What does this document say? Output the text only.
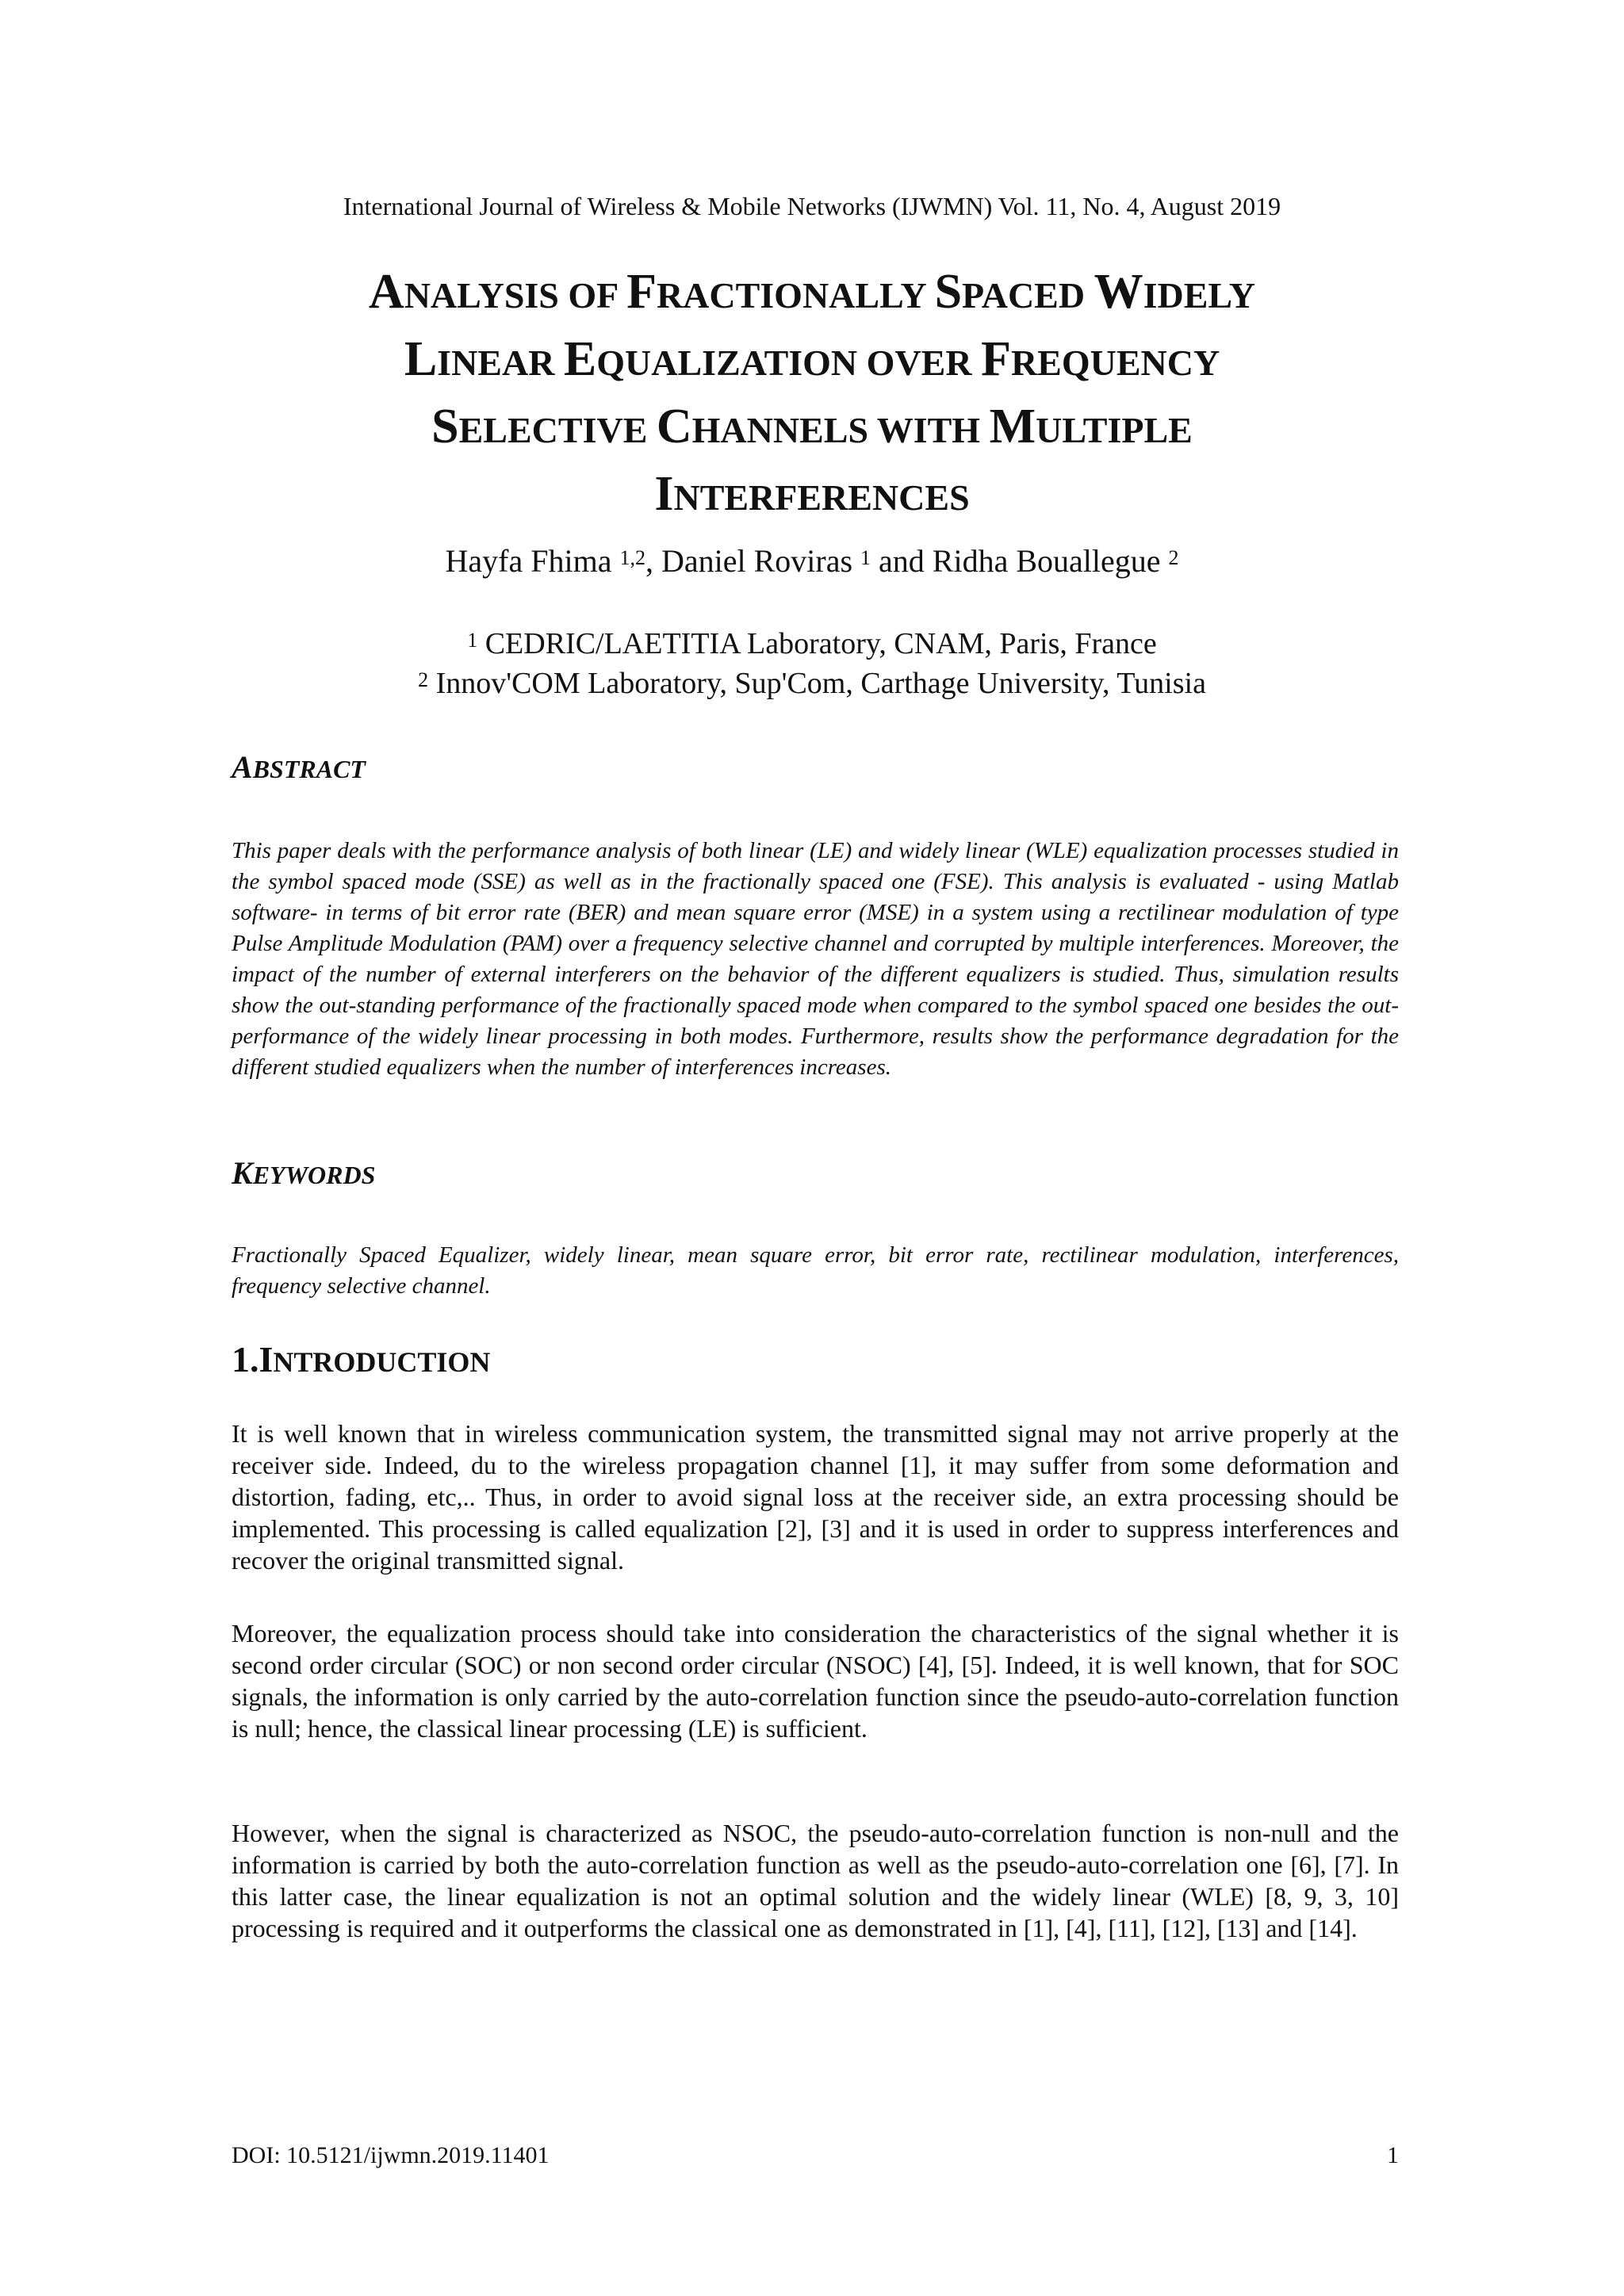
International Journal of Wireless & Mobile Networks (IJWMN) Vol. 11, No. 4, August 2019
ANALYSIS OF FRACTIONALLY SPACED WIDELY
LINEAR EQUALIZATION OVER FREQUENCY
SELECTIVE CHANNELS WITH MULTIPLE
INTERFERENCES
Hayfa Fhima $^{1,2}$, Daniel Roviras $^1$ and Ridha Bouallegue $^2$
$^1$ CEDRIC/LAETITIA Laboratory, CNAM, Paris, France
$^2$ Innov'COM Laboratory, Sup'Com, Carthage University, Tunisia
ABSTRACT
This paper deals with the performance analysis of both linear (LE) and widely linear (WLE) equalization processes studied in the symbol spaced mode (SSE) as well as in the fractionally spaced one (FSE). This analysis is evaluated - using Matlab software- in terms of bit error rate (BER) and mean square error (MSE) in a system using a rectilinear modulation of type Pulse Amplitude Modulation (PAM) over a frequency selective channel and corrupted by multiple interferences. Moreover, the impact of the number of external interferers on the behavior of the different equalizers is studied. Thus, simulation results show the out-standing performance of the fractionally spaced mode when compared to the symbol spaced one besides the out-performance of the widely linear processing in both modes. Furthermore, results show the performance degradation for the different studied equalizers when the number of interferences increases.
KEYWORDS
Fractionally Spaced Equalizer, widely linear, mean square error, bit error rate, rectilinear modulation, interferences, frequency selective channel.
1.INTRODUCTION
It is well known that in wireless communication system, the transmitted signal may not arrive properly at the receiver side. Indeed, du to the wireless propagation channel [1], it may suffer from some deformation and distortion, fading, etc,.. Thus, in order to avoid signal loss at the receiver side, an extra processing should be implemented. This processing is called equalization [2], [3] and it is used in order to suppress interferences and recover the original transmitted signal.
Moreover, the equalization process should take into consideration the characteristics of the signal whether it is second order circular (SOC) or non second order circular (NSOC) [4], [5]. Indeed, it is well known, that for SOC signals, the information is only carried by the auto-correlation function since the pseudo-auto-correlation function is null; hence, the classical linear processing (LE) is sufficient.
However, when the signal is characterized as NSOC, the pseudo-auto-correlation function is non-null and the information is carried by both the auto-correlation function as well as the pseudo-auto-correlation one [6], [7]. In this latter case, the linear equalization is not an optimal solution and the widely linear (WLE) [8, 9, 3, 10] processing is required and it outperforms the classical one as demonstrated in [1], [4], [11], [12], [13] and [14].
DOI: 10.5121/ijwmn.2019.11401	1
